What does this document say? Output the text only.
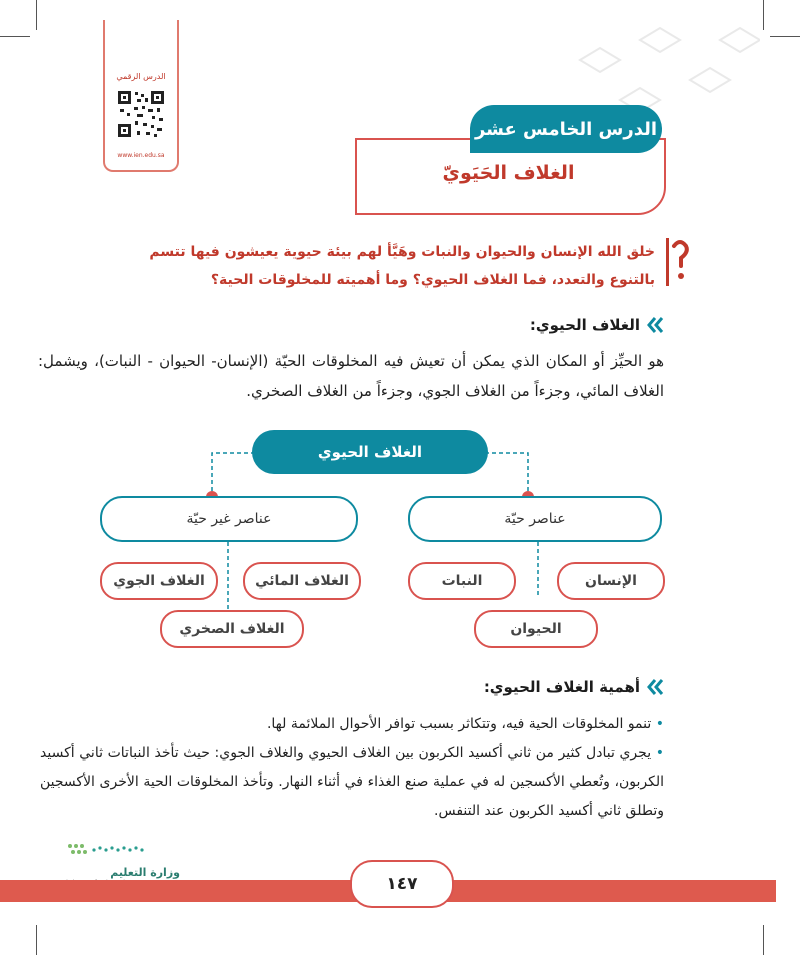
الدرس الرقمي
www.ien.edu.sa
الدرس الخامس عشر
الغلاف الحَيَويّ
خلق الله الإنسان والحيوان والنبات وهَيَّأ لهم بيئة حيوية يعيشون فيها تتسم بالتنوع والتعدد، فما الغلاف الحيوي؟ وما أهميته للمخلوقات الحية؟
الغلاف الحيوي:
هو الحيِّز أو المكان الذي يمكن أن تعيش فيه المخلوقات الحيّة (الإنسان- الحيوان - النبات)، ويشمل: الغلاف المائي، وجزءاً من الغلاف الجوي، وجزءاً من الغلاف الصخري.
الغلاف الحيوي
عناصر حيّة
عناصر غير حيّة
الإنسان
النبات
الحيوان
الغلاف المائي
الغلاف الجوي
الغلاف الصخري
أهمية الغلاف الحيوي:
• تنمو المخلوقات الحية فيه، وتتكاثر بسبب توافر الأحوال الملائمة لها.
• يجري تبادل كثير من ثاني أكسيد الكربون بين الغلاف الحيوي والغلاف الجوي: حيث تأخذ النباتات ثاني أكسيد الكربون، وتُعطي الأكسجين له في عملية صنع الغذاء في أثناء النهار. وتأخذ المخلوقات الحية الأخرى الأكسجين وتطلق ثاني أكسيد الكربون عند التنفس.
وزارة التعليم
١٤٧
